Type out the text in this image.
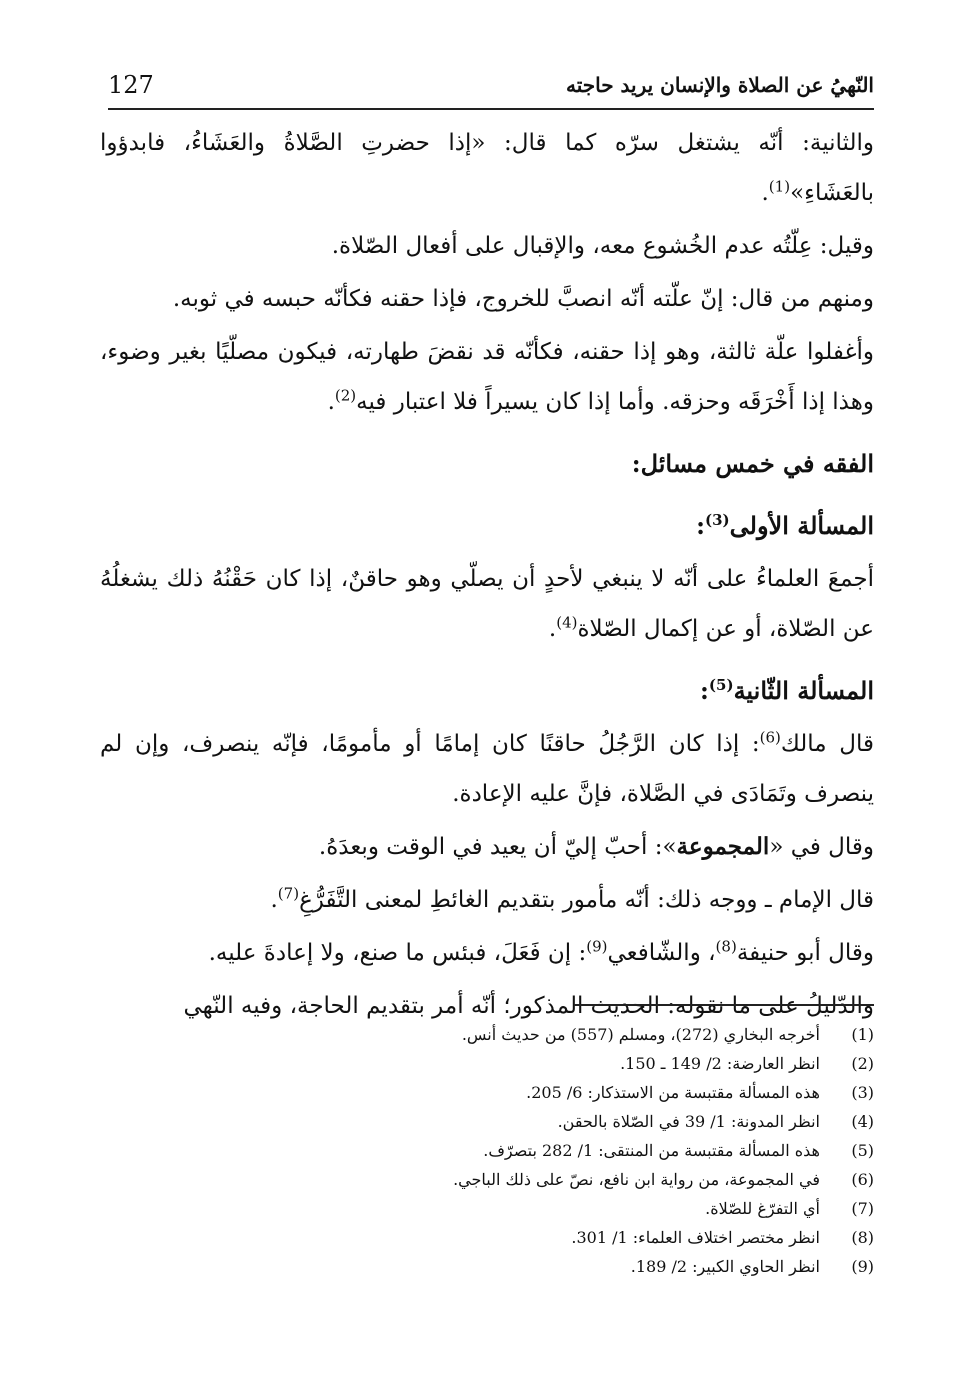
النّهيُ عن الصلاة والإنسان يريد حاجته
127

والثانية: أنّه يشتغل سرّه كما قال: «إذا حضرتِ الصَّلاةُ والعَشَاءُ، فابدؤوا بالعَشَاءِ»$^{(1)}$.

وقيل: عِلّتُه عدم الخُشوع معه، والإقبال على أفعال الصّلاة.

ومنهم من قال: إنّ علّته أنّه انصبَّ للخروج، فإذا حقنه فكأنّه حبسه في ثوبه.

وأغفلوا علّة ثالثة، وهو إذا حقنه، فكأنّه قد نقضَ طهارته، فيكون مصلّيًا بغير وضوء، وهذا إذا أَخْرَقَه وحزقه. وأما إذا كان يسيراً فلا اعتبار فيه$^{(2)}$.

الفقه في خمس مسائل:

المسألة الأولى$^{(3)}$:

أجمعَ العلماءُ على أنّه لا ينبغي لأحدٍ أن يصلّي وهو حاقنٌ، إذا كان حَقْنُهُ ذلك يشغلُهُ عن الصّلاة، أو عن إكمال الصّلاة$^{(4)}$.

المسألة الثّانية$^{(5)}$:

قال مالك$^{(6)}$: إذا كان الرَّجُلُ حاقنًا كان إمامًا أو مأمومًا، فإنّه ينصرف، وإن لم ينصرف وتَمَادَى في الصَّلاة، فإنَّ عليه الإعادة.

وقال في «المجموعة»: أحبّ إليّ أن يعيد في الوقت وبعدَهُ.

قال الإمام ـ ووجه ذلك: أنّه مأمور بتقديم الغائطِ لمعنى التَّفَرُّغِ$^{(7)}$.

وقال أبو حنيفة$^{(8)}$، والشّافعي$^{(9)}$: إن فَعَلَ، فبئس ما صنع، ولا إعادةَ عليه.

والدّليلُ على ما نقوله: الحديث المذكور؛ أنّه أمر بتقديم الحاجة، وفيه النّهي

(1)
أخرجه البخاري (272)، ومسلم (557) من حديث أنس.
(2)
انظر العارضة: 2/ 149 ـ 150.
(3)
هذه المسألة مقتبسة من الاستذكار: 6/ 205.
(4)
انظر المدونة: 1/ 39 في الصّلاة بالحقن.
(5)
هذه المسألة مقتبسة من المنتقى: 1/ 282 بتصرّف.
(6)
في المجموعة، من رواية ابن نافع، نصّ على ذلك الباجي.
(7)
أي التفرّغ للصّلاة.
(8)
انظر مختصر اختلاف العلماء: 1/ 301.
(9)
انظر الحاوي الكبير: 2/ 189.
